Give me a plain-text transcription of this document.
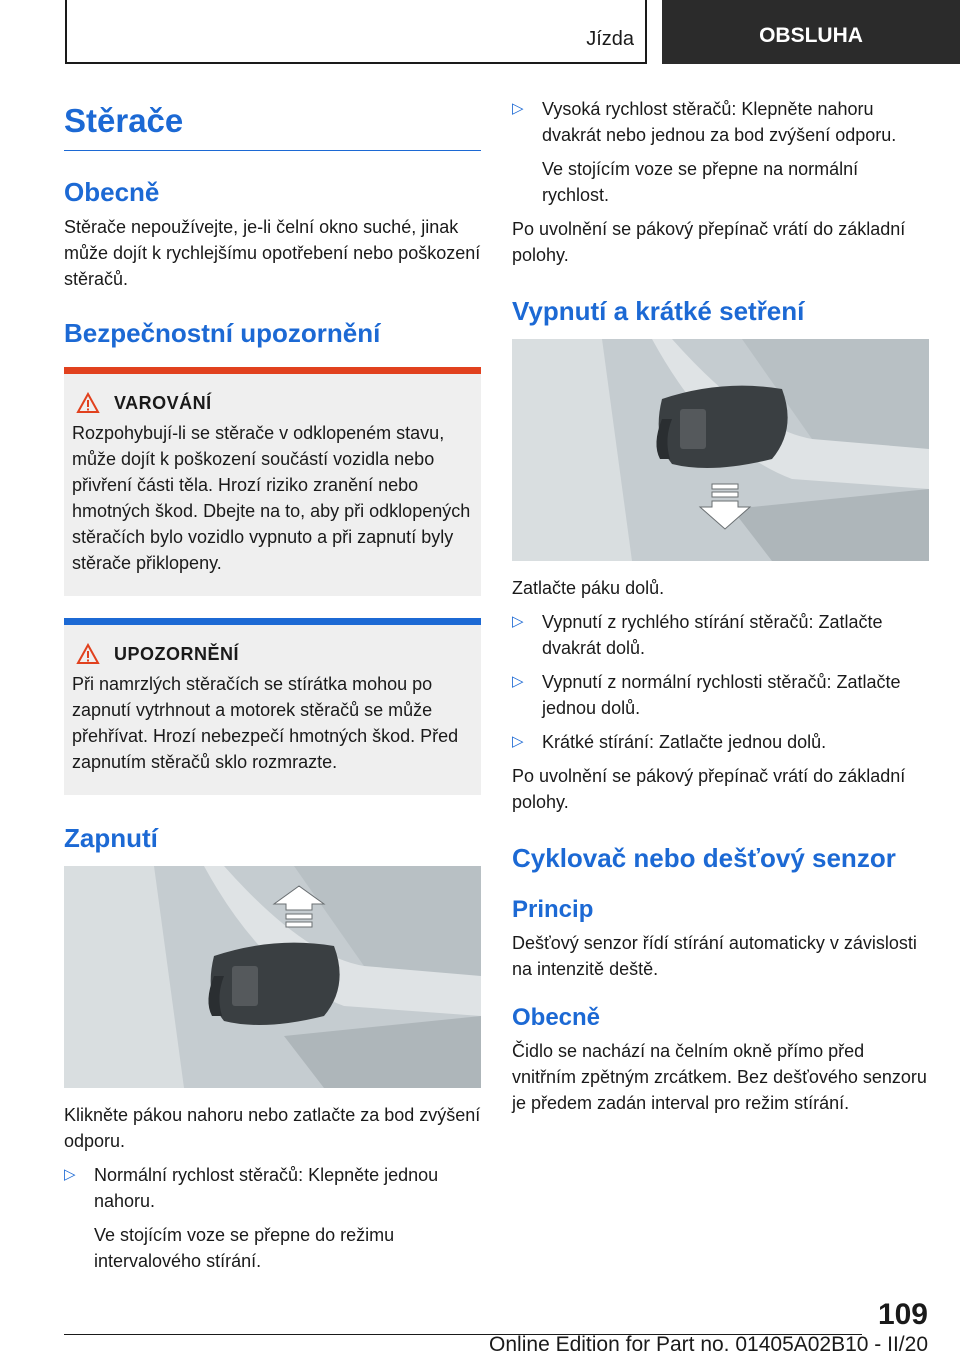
Jízda	OBSLUHA
Stěrače
Obecně

Stěrače nepoužívejte, je-li čelní okno suché, jinak může dojít k rychlejšímu opotřebení nebo poškození stěračů.

Bezpečnostní upozornění
VAROVÁNÍ

Rozpohybují-li se stěrače v odklopeném stavu, může dojít k poškození součástí vozidla nebo přivření části těla. Hrozí riziko zranění nebo hmotných škod. Dbejte na to, aby při odklopených stěračích bylo vozidlo vypnuto a při zapnutí byly stěrače přiklopeny.

UPOZORNĚNÍ

Při namrzlých stěračích se stírátka mohou po zapnutí vytrhnout a motorek stěračů se může přehřívat. Hrozí nebezpečí hmotných škod. Před zapnutím stěračů sklo rozmrazte.

Zapnutí

Klikněte pákou nahoru nebo zatlačte za bod zvýšení odporu.

▷	Normální rychlost stěračů: Klepněte jednou nahoru.

Ve stojícím voze se přepne do režimu intervalového stírání.

▷	Vysoká rychlost stěračů: Klepněte nahoru dvakrát nebo jednou za bod zvýšení odporu.

Ve stojícím voze se přepne na normální rychlost.

Po uvolnění se pákový přepínač vrátí do základní polohy.

Vypnutí a krátké setření

Zatlačte páku dolů.

▷	Vypnutí z rychlého stírání stěračů: Zatlačte dvakrát dolů.
▷	Vypnutí z normální rychlosti stěračů: Zatlačte jednou dolů.
▷	Krátké stírání: Zatlačte jednou dolů.

Po uvolnění se pákový přepínač vrátí do základní polohy.

Cyklovač nebo dešťový senzor
Princip

Dešťový senzor řídí stírání automaticky v závislosti na intenzitě deště.

Obecně

Čidlo se nachází na čelním okně přímo před vnitřním zpětným zrcátkem. Bez dešťového senzoru je předem zadán interval pro režim stírání.

109
Online Edition for Part no. 01405A02B10 - II/20
